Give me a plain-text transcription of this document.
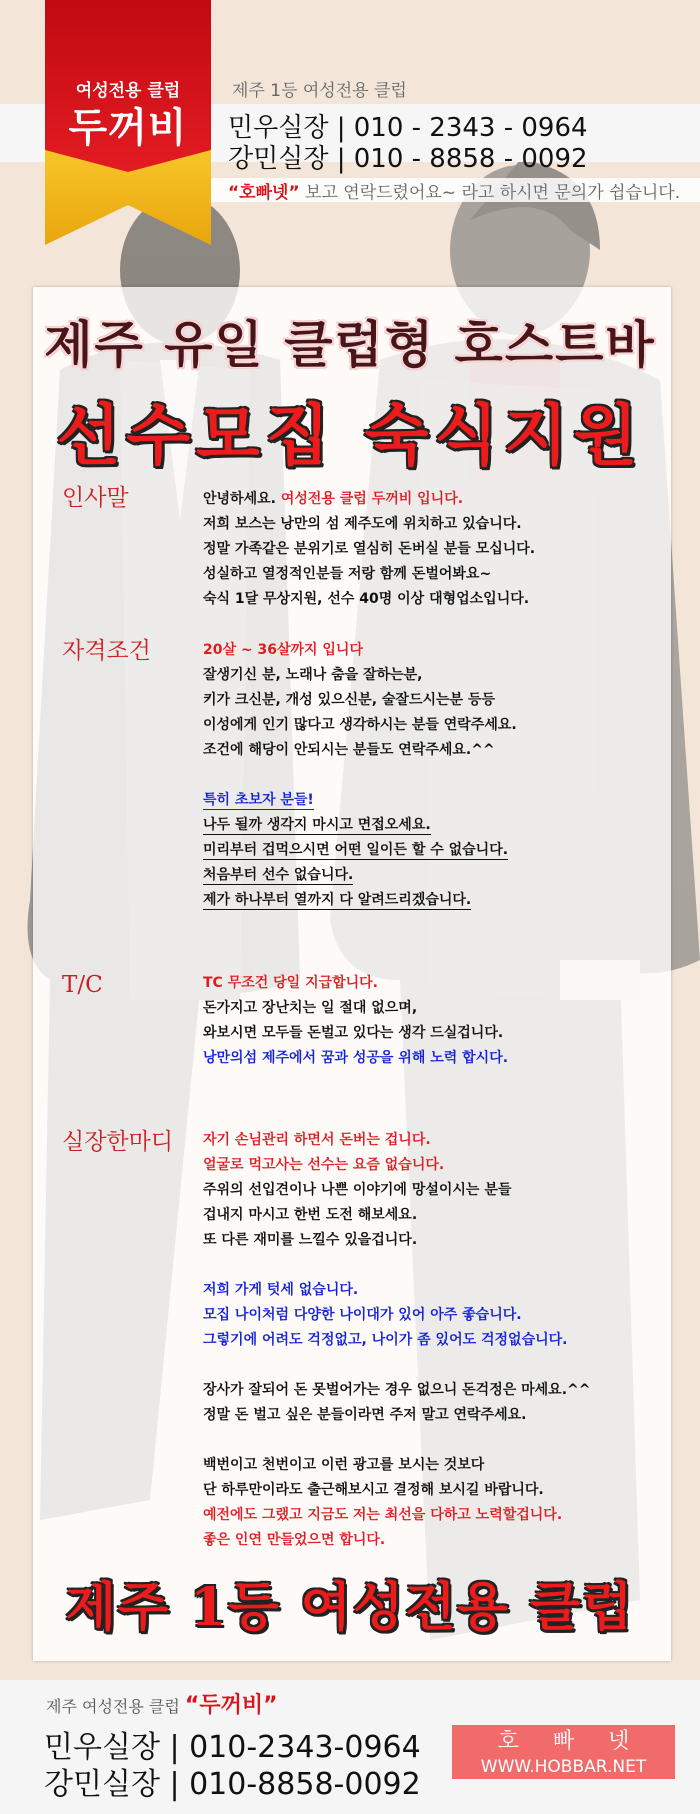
여성전용 클럽
두꺼비
제주 1등 여성전용 클럽
민우실장 | 010 - 2343 - 0964
강민실장 | 010 - 8858 - 0092
“호빠넷” 보고 연락드렸어요~ 라고 하시면 문의가 쉽습니다.
제주 유일 클럽형 호스트바
선수모집 숙식지원
인사말	안녕하세요. 여성전용 클럽 두꺼비 입니다.
저희 보스는 낭만의 섬 제주도에 위치하고 있습니다.
정말 가족같은 분위기로 열심히 돈버실 분들 모십니다.
성실하고 열정적인분들 저랑 함께 돈벌어봐요~
숙식 1달 무상지원, 선수 40명 이상 대형업소입니다.
자격조건	20살 ~ 36살까지 입니다
잘생기신 분, 노래나 춤을 잘하는분,
키가 크신분, 개성 있으신분, 술잘드시는분 등등
이성에게 인기 많다고 생각하시는 분들 연락주세요.
조건에 해당이 안되시는 분들도 연락주세요.^^
특히 초보자 분들!
나두 될까 생각지 마시고 면접오세요.
미리부터 겁먹으시면 어떤 일이든 할 수 없습니다.
처음부터 선수 없습니다.
제가 하나부터 열까지 다 알려드리겠습니다.
T/C	TC 무조건 당일 지급합니다.
돈가지고 장난치는 일 절대 없으며,
와보시면 모두들 돈벌고 있다는 생각 드실겁니다.
낭만의섬 제주에서 꿈과 성공을 위해 노력 합시다.
실장한마디 자기 손님관리 하면서 돈버는 겁니다.
얼굴로 먹고사는 선수는 요즘 없습니다.
주위의 선입견이나 나쁜 이야기에 망설이시는 분들
겁내지 마시고 한번 도전 해보세요.
또 다른 재미를 느낄수 있을겁니다.
저희 가게 텃세 없습니다.
모집 나이처럼 다양한 나이대가 있어 아주 좋습니다.
그렇기에 어려도 걱정없고, 나이가 좀 있어도 걱정없습니다.
장사가 잘되어 돈 못벌어가는 경우 없으니 돈걱정은 마세요.^^
정말 돈 벌고 싶은 분들이라면 주저 말고 연락주세요.
백번이고 천번이고 이런 광고를 보시는 것보다
단 하루만이라도 출근해보시고 결정해 보시길 바랍니다.
예전에도 그랬고 지금도 저는 최선을 다하고 노력할겁니다.
좋은 인연 만들었으면 합니다.
제주 1등 여성전용 클럽
제주 여성전용 클럽 “두꺼비”
민우실장 | 010-2343-0964
강민실장 | 010-8858-0092
호빠넷
WWW.HOBBAR.NET
